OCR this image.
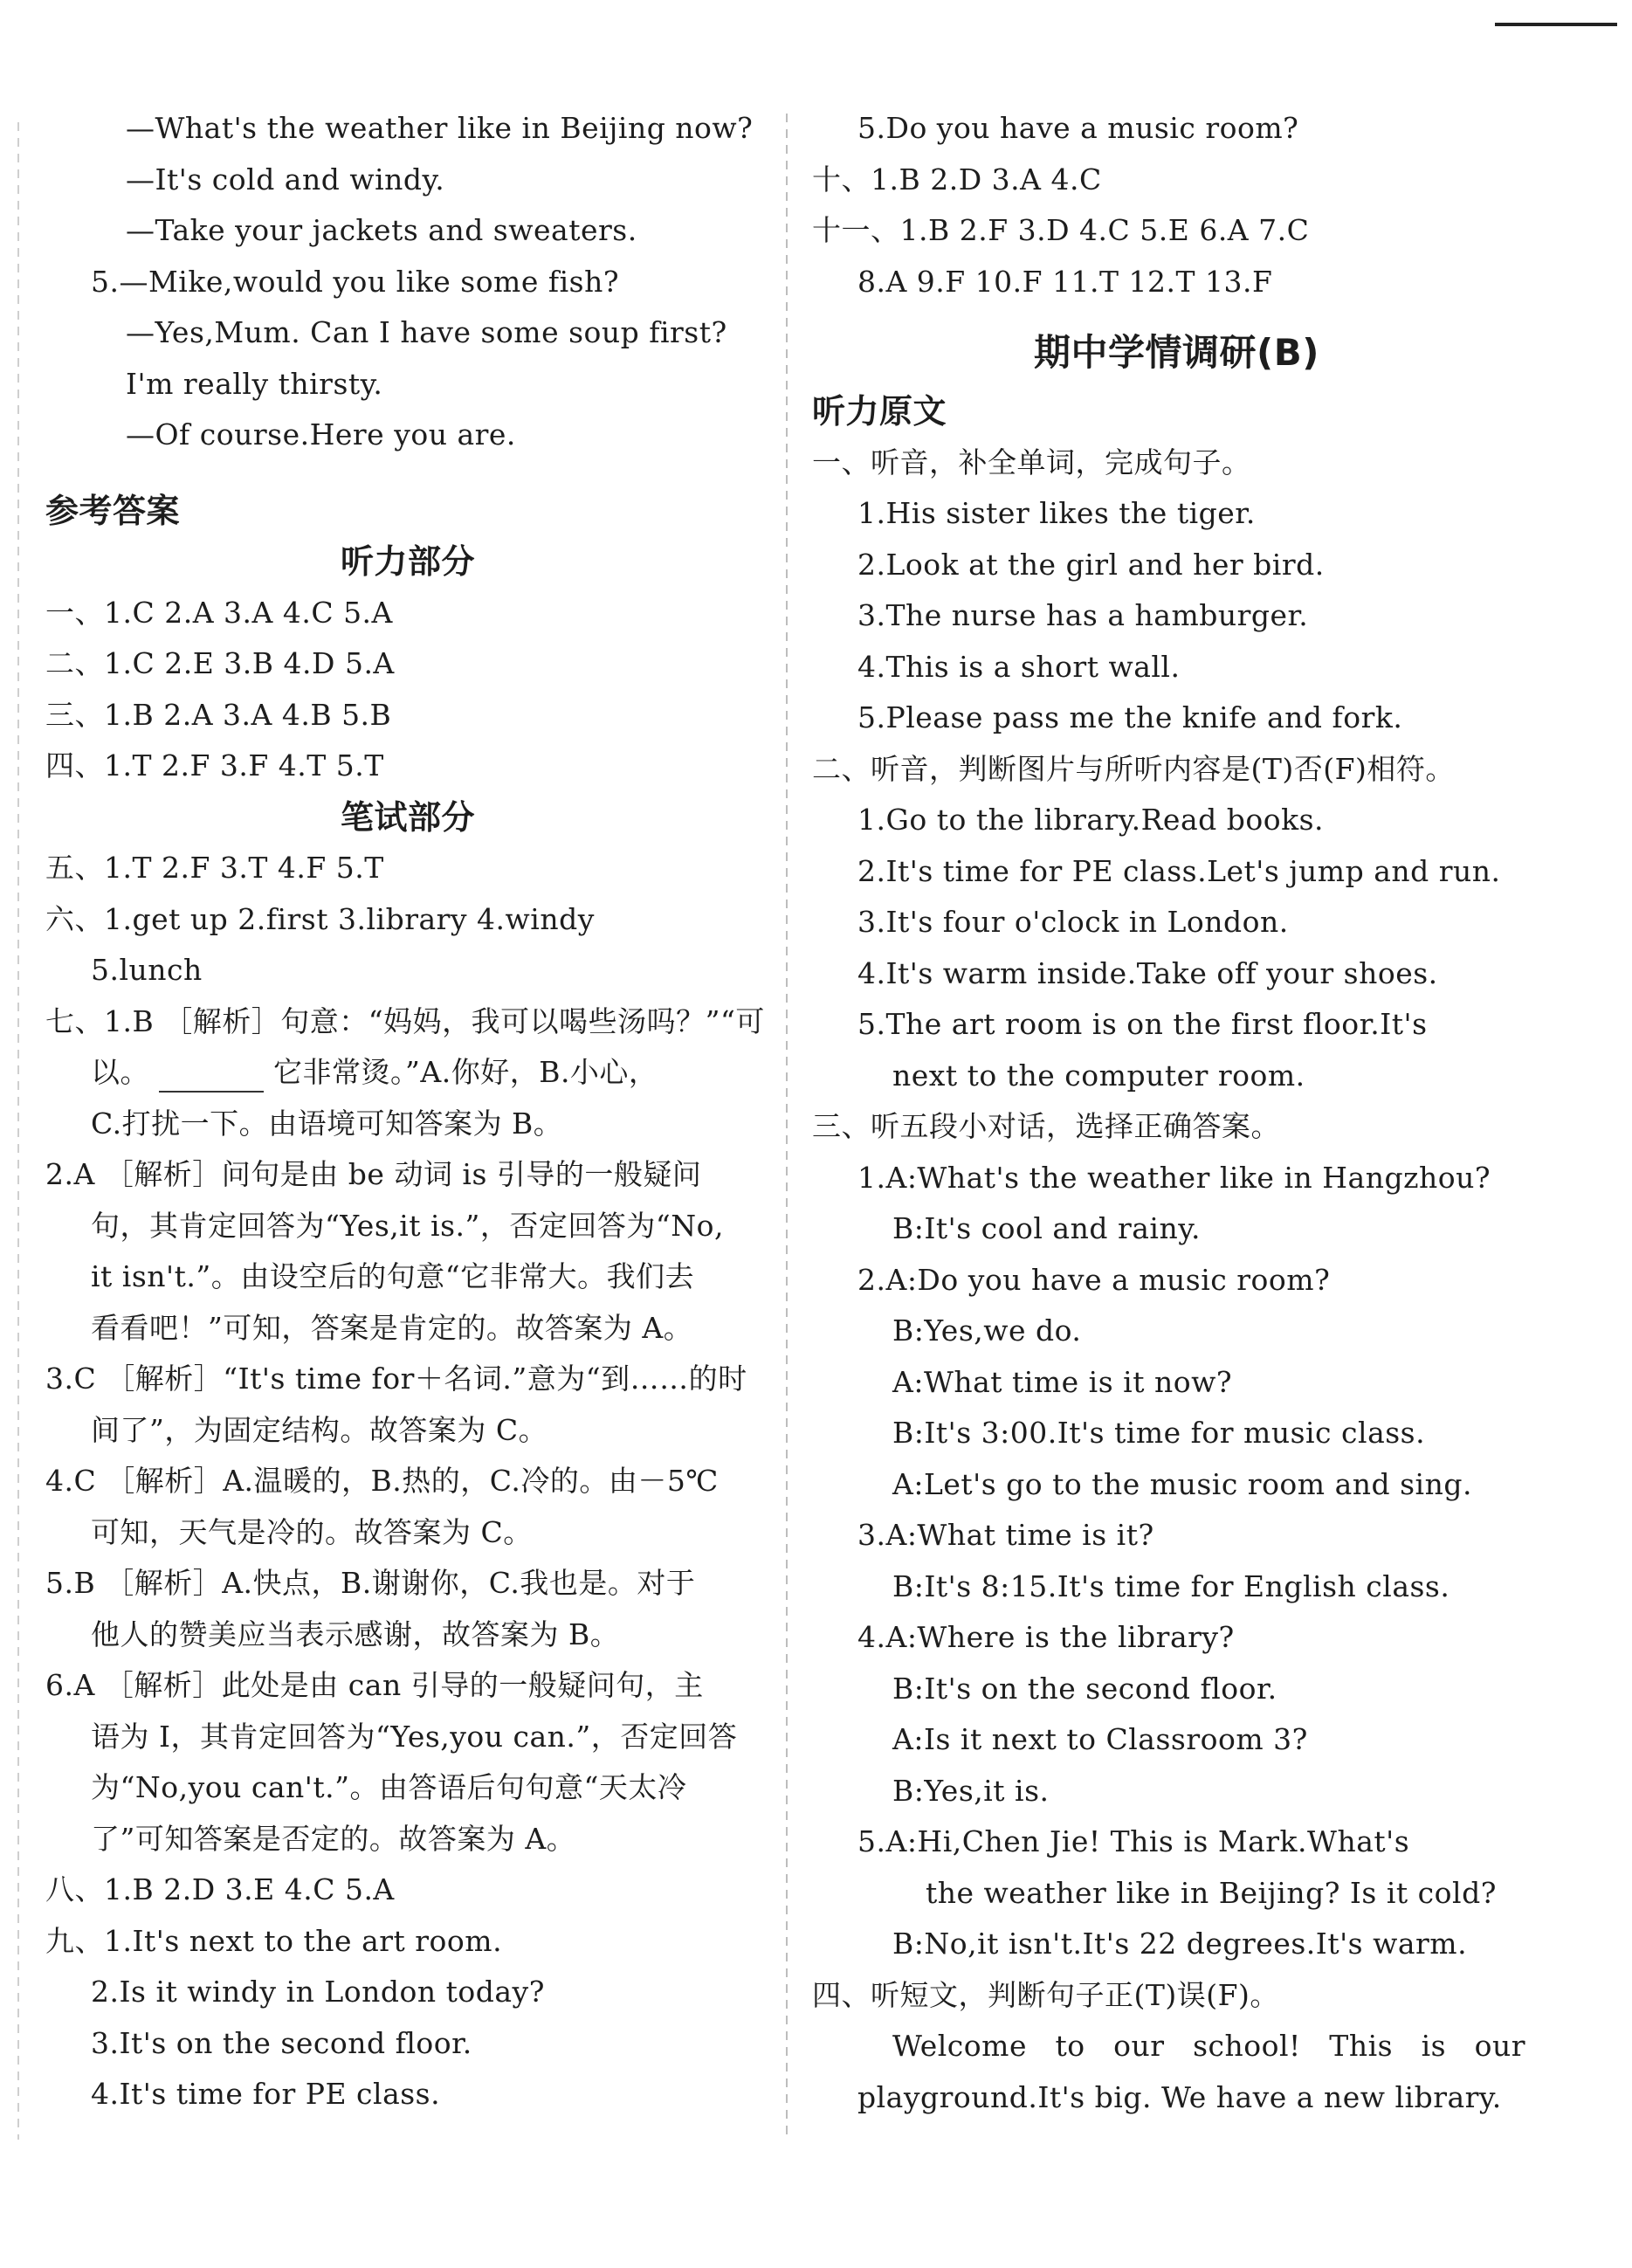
—What's the weather like in Beijing now?
—It's cold and windy.
—Take your jackets and sweaters.
5.—Mike,would you like some fish?
—Yes,Mum. Can I have some soup first?
I'm really thirsty.
—Of course.Here you are.
参考答案
听力部分
一、1.C 2.A 3.A 4.C 5.A
二、1.C 2.E 3.B 4.D 5.A
三、1.B 2.A 3.A 4.B 5.B
四、1.T 2.F 3.F 4.T 5.T
笔试部分
五、1.T 2.F 3.T 4.F 5.T
六、1.get up 2.first 3.library 4.windy
5.lunch
七、1.B ［解析］句意：“妈妈，我可以喝些汤吗？”“可
以。	它非常烫。”A.你好，B.小心，
C.打扰一下。由语境可知答案为 B。
2.A ［解析］问句是由 be 动词 is 引导的一般疑问
句，其肯定回答为“Yes,it is.”，否定回答为“No,
it isn't.”。由设空后的句意“它非常大。我们去
看看吧！”可知，答案是肯定的。故答案为 A。
3.C ［解析］“It's time for＋名词.”意为“到……的时
间了”，为固定结构。故答案为 C。
4.C ［解析］A.温暖的，B.热的，C.冷的。由－5℃
可知，天气是冷的。故答案为 C。
5.B ［解析］A.快点，B.谢谢你，C.我也是。对于
他人的赞美应当表示感谢，故答案为 B。
6.A ［解析］此处是由 can 引导的一般疑问句，主
语为 I，其肯定回答为“Yes,you can.”，否定回答
为“No,you can't.”。由答语后句句意“天太冷
了”可知答案是否定的。故答案为 A。
八、1.B 2.D 3.E 4.C 5.A
九、1.It's next to the art room.
2.Is it windy in London today?
3.It's on the second floor.
4.It's time for PE class.
5.Do you have a music room?
十、1.B 2.D 3.A 4.C
十一、1.B 2.F 3.D 4.C 5.E 6.A 7.C
8.A 9.F 10.F 11.T 12.T 13.F
期中学情调研(B)
听力原文
一、听音，补全单词，完成句子。
1.His sister likes the tiger.
2.Look at the girl and her bird.
3.The nurse has a hamburger.
4.This is a short wall.
5.Please pass me the knife and fork.
二、听音，判断图片与所听内容是(T)否(F)相符。
1.Go to the library.Read books.
2.It's time for PE class.Let's jump and run.
3.It's four o'clock in London.
4.It's warm inside.Take off your shoes.
5.The art room is on the first floor.It's
next to the computer room.
三、听五段小对话，选择正确答案。
1.A:What's the weather like in Hangzhou?
B:It's cool and rainy.
2.A:Do you have a music room?
B:Yes,we do.
A:What time is it now?
B:It's 3:00.It's time for music class.
A:Let's go to the music room and sing.
3.A:What time is it?
B:It's 8:15.It's time for English class.
4.A:Where is the library?
B:It's on the second floor.
A:Is it next to Classroom 3?
B:Yes,it is.
5.A:Hi,Chen Jie! This is Mark.What's
the weather like in Beijing? Is it cold?
B:No,it isn't.It's 22 degrees.It's warm.
四、听短文，判断句子正(T)误(F)。
Welcome to our school! This is our
playground.It's big. We have a new library.
